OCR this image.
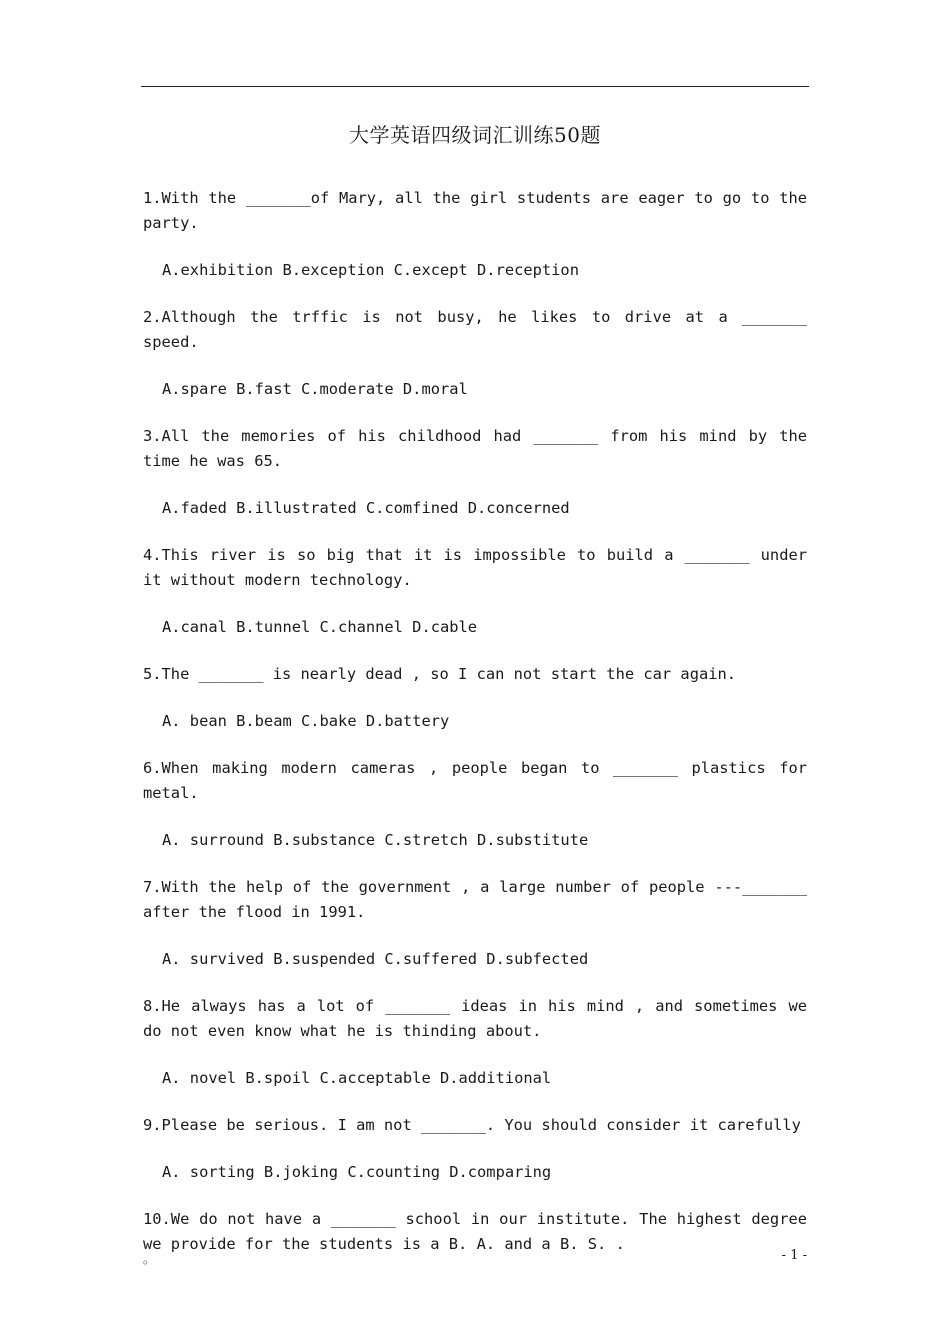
大学英语四级词汇训练50题

1.With the _______of Mary, all the girl students are eager to go to the party.

A.exhibition B.exception C.except D.reception

2.Although the trffic is not busy, he likes to drive at a _______ speed.

A.spare B.fast C.moderate D.moral

3.All the memories of his childhood had _______ from his mind by the time he was 65.

A.faded B.illustrated C.comfined D.concerned

4.This river is so big that it is impossible to build a _______ under it without modern technology.

A.canal B.tunnel C.channel D.cable

5.The _______ is nearly dead , so I can not start the car again.

A. bean B.beam C.bake D.battery

6.When making modern cameras , people began to _______ plastics for metal.

A. surround B.substance C.stretch D.substitute

7.With the help of the government , a large number of people ---_______ after the flood in 1991.

A. survived B.suspended C.suffered D.subfected

8.He always has a lot of _______ ideas in his mind , and sometimes we do not even know what he is thinding about.

A. novel B.spoil C.acceptable D.additional

9.Please be serious. I am not _______. You should consider it carefully

A. sorting B.joking C.counting D.comparing

10.We do not have a _______ school in our institute. The highest degree we provide for the students is a B. A. and a B. S. .

。	- 1 -
